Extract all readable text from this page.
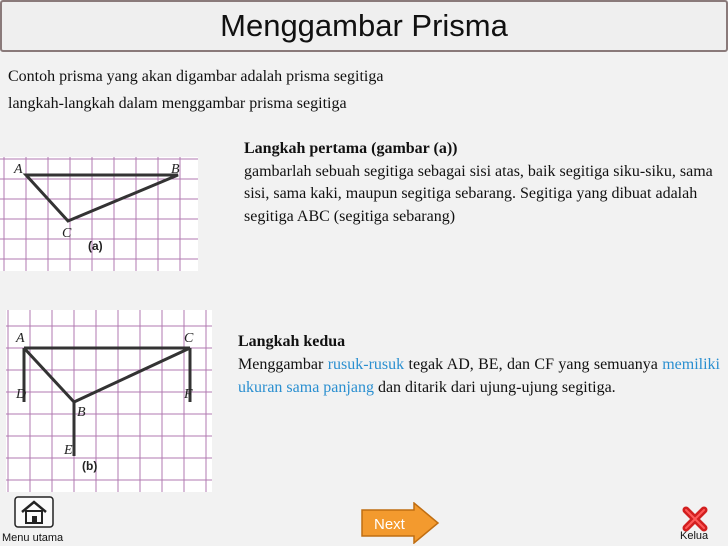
Menggambar Prisma
Contoh prisma yang akan digambar adalah prisma segitiga
langkah-langkah dalam menggambar prisma segitiga
A	B
C
(a)
Langkah pertama (gambar (a))
gambarlah sebuah segitiga sebagai sisi atas, baik segitiga siku-siku, sama sisi, sama kaki, maupun segitiga sebarang. Segitiga yang dibuat adalah segitiga ABC (segitiga sebarang)
A	C
D	F
B
E
(b)
Langkah kedua
Menggambar rusuk-rusuk tegak AD, BE, dan CF yang semuanya memiliki ukuran sama panjang dan ditarik dari ujung-ujung segitiga.
Menu utama
Next
Kelua
